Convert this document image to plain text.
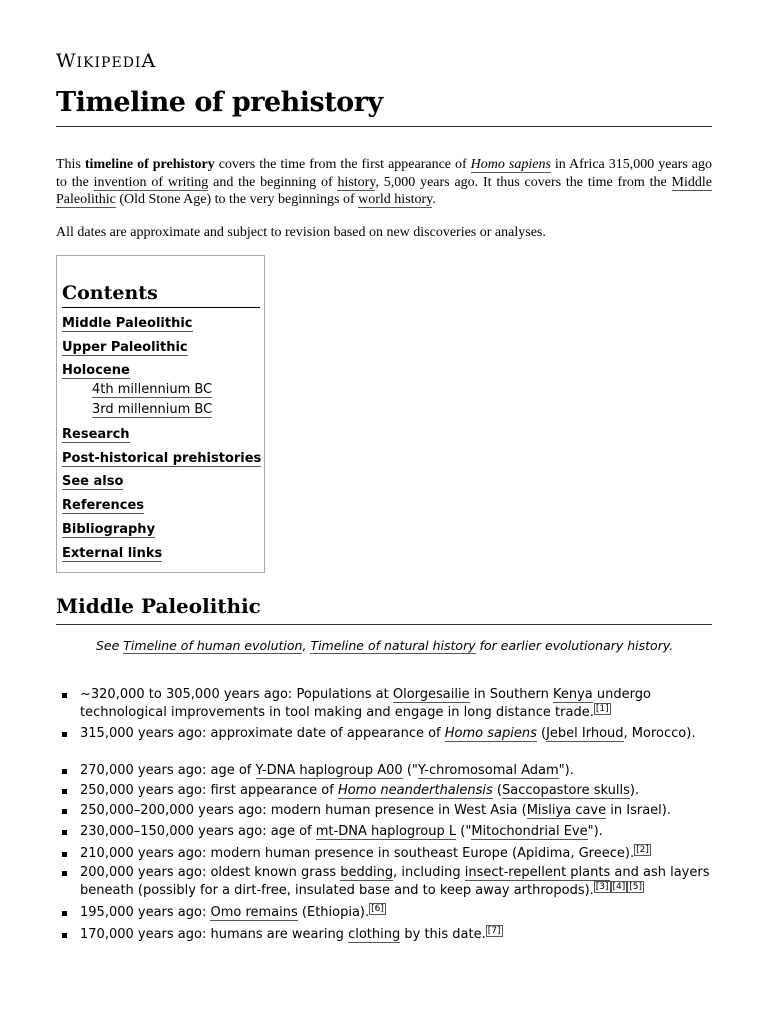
WIKIPEDIA
Timeline of prehistory

This timeline of prehistory covers the time from the first appearance of Homo sapiens in Africa 315,000 years ago to the invention of writing and the beginning of history, 5,000 years ago. It thus covers the time from the Middle Paleolithic (Old Stone Age) to the very beginnings of world history.

All dates are approximate and subject to revision based on new discoveries or analyses.

Contents
Middle Paleolithic
Upper Paleolithic
Holocene
4th millennium BC
3rd millennium BC
Research
Post-historical prehistories
See also
References
Bibliography
External links
Middle Paleolithic

See Timeline of human evolution, Timeline of natural history for earlier evolutionary history.

~320,000 to 305,000 years ago: Populations at Olorgesailie in Southern Kenya undergo technological improvements in tool making and engage in long distance trade. [1]
315,000 years ago: approximate date of appearance of Homo sapiens (Jebel Irhoud, Morocco).
270,000 years ago: age of Y-DNA haplogroup A00 ("Y-chromosomal Adam").
250,000 years ago: first appearance of Homo neanderthalensis (Saccopastore skulls).
250,000–200,000 years ago: modern human presence in West Asia (Misliya cave in Israel).
230,000–150,000 years ago: age of mt-DNA haplogroup L ("Mitochondrial Eve").
210,000 years ago: modern human presence in southeast Europe (Apidima, Greece). [2]
200,000 years ago: oldest known grass bedding, including insect-repellent plants and ash layers beneath (possibly for a dirt-free, insulated base and to keep away arthropods). [3] [4] [5]
195,000 years ago: Omo remains (Ethiopia). [6]
170,000 years ago: humans are wearing clothing by this date. [7]
